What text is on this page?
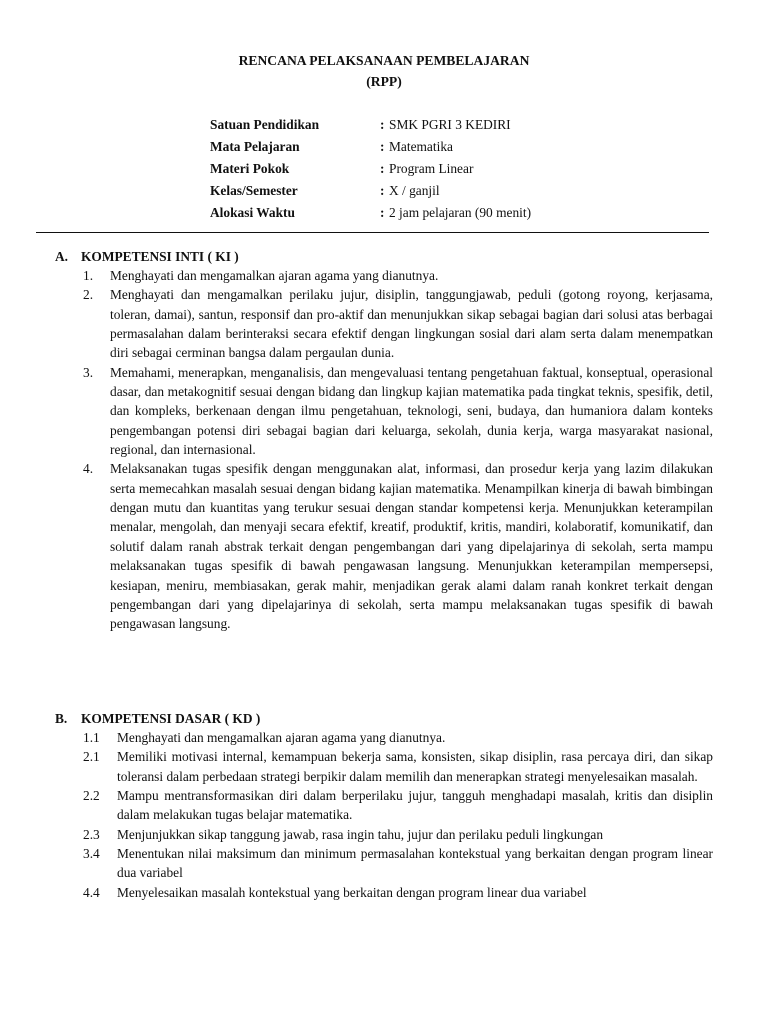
RENCANA PELAKSANAAN PEMBELAJARAN
(RPP)
Satuan Pendidikan	: SMK PGRI 3 KEDIRI
Mata Pelajaran	: Matematika
Materi Pokok	: Program Linear
Kelas/Semester	: X / ganjil
Alokasi Waktu	: 2 jam pelajaran (90 menit)
A. KOMPETENSI INTI ( KI )
1. Menghayati dan mengamalkan ajaran agama yang dianutnya.
2. Menghayati dan mengamalkan perilaku jujur, disiplin, tanggungjawab, peduli (gotong royong, kerjasama, toleran, damai), santun, responsif dan pro-aktif dan menunjukkan sikap sebagai bagian dari solusi atas berbagai permasalahan dalam berinteraksi secara efektif dengan lingkungan sosial dari alam serta dalam menempatkan diri sebagai cerminan bangsa dalam pergaulan dunia.
3. Memahami, menerapkan, menganalisis, dan mengevaluasi tentang pengetahuan faktual, konseptual, operasional dasar, dan metakognitif sesuai dengan bidang dan lingkup kajian matematika pada tingkat teknis, spesifik, detil, dan kompleks, berkenaan dengan ilmu pengetahuan, teknologi, seni, budaya, dan humaniora dalam konteks pengembangan potensi diri sebagai bagian dari keluarga, sekolah, dunia kerja, warga masyarakat nasional, regional, dan internasional.
4. Melaksanakan tugas spesifik dengan menggunakan alat, informasi, dan prosedur kerja yang lazim dilakukan serta memecahkan masalah sesuai dengan bidang kajian matematika. Menampilkan kinerja di bawah bimbingan dengan mutu dan kuantitas yang terukur sesuai dengan standar kompetensi kerja. Menunjukkan keterampilan menalar, mengolah, dan menyaji secara efektif, kreatif, produktif, kritis, mandiri, kolaboratif, komunikatif, dan solutif dalam ranah abstrak terkait dengan pengembangan dari yang dipelajarinya di sekolah, serta mampu melaksanakan tugas spesifik di bawah pengawasan langsung. Menunjukkan keterampilan mempersepsi, kesiapan, meniru, membiasakan, gerak mahir, menjadikan gerak alami dalam ranah konkret terkait dengan pengembangan dari yang dipelajarinya di sekolah, serta mampu melaksanakan tugas spesifik di bawah pengawasan langsung.
B. KOMPETENSI DASAR ( KD )
1.1 Menghayati dan mengamalkan ajaran agama yang dianutnya.
2.1 Memiliki motivasi internal, kemampuan bekerja sama, konsisten, sikap disiplin, rasa percaya diri, dan sikap toleransi dalam perbedaan strategi berpikir dalam memilih dan menerapkan strategi menyelesaikan masalah.
2.2 Mampu mentransformasikan diri dalam berperilaku jujur, tangguh menghadapi masalah, kritis dan disiplin dalam melakukan tugas belajar matematika.
2.3 Menjunjukkan sikap tanggung jawab, rasa ingin tahu, jujur dan perilaku peduli lingkungan
3.4 Menentukan nilai maksimum dan minimum permasalahan kontekstual yang berkaitan dengan program linear dua variabel
4.4 Menyelesaikan masalah kontekstual yang berkaitan dengan program linear dua variabel
